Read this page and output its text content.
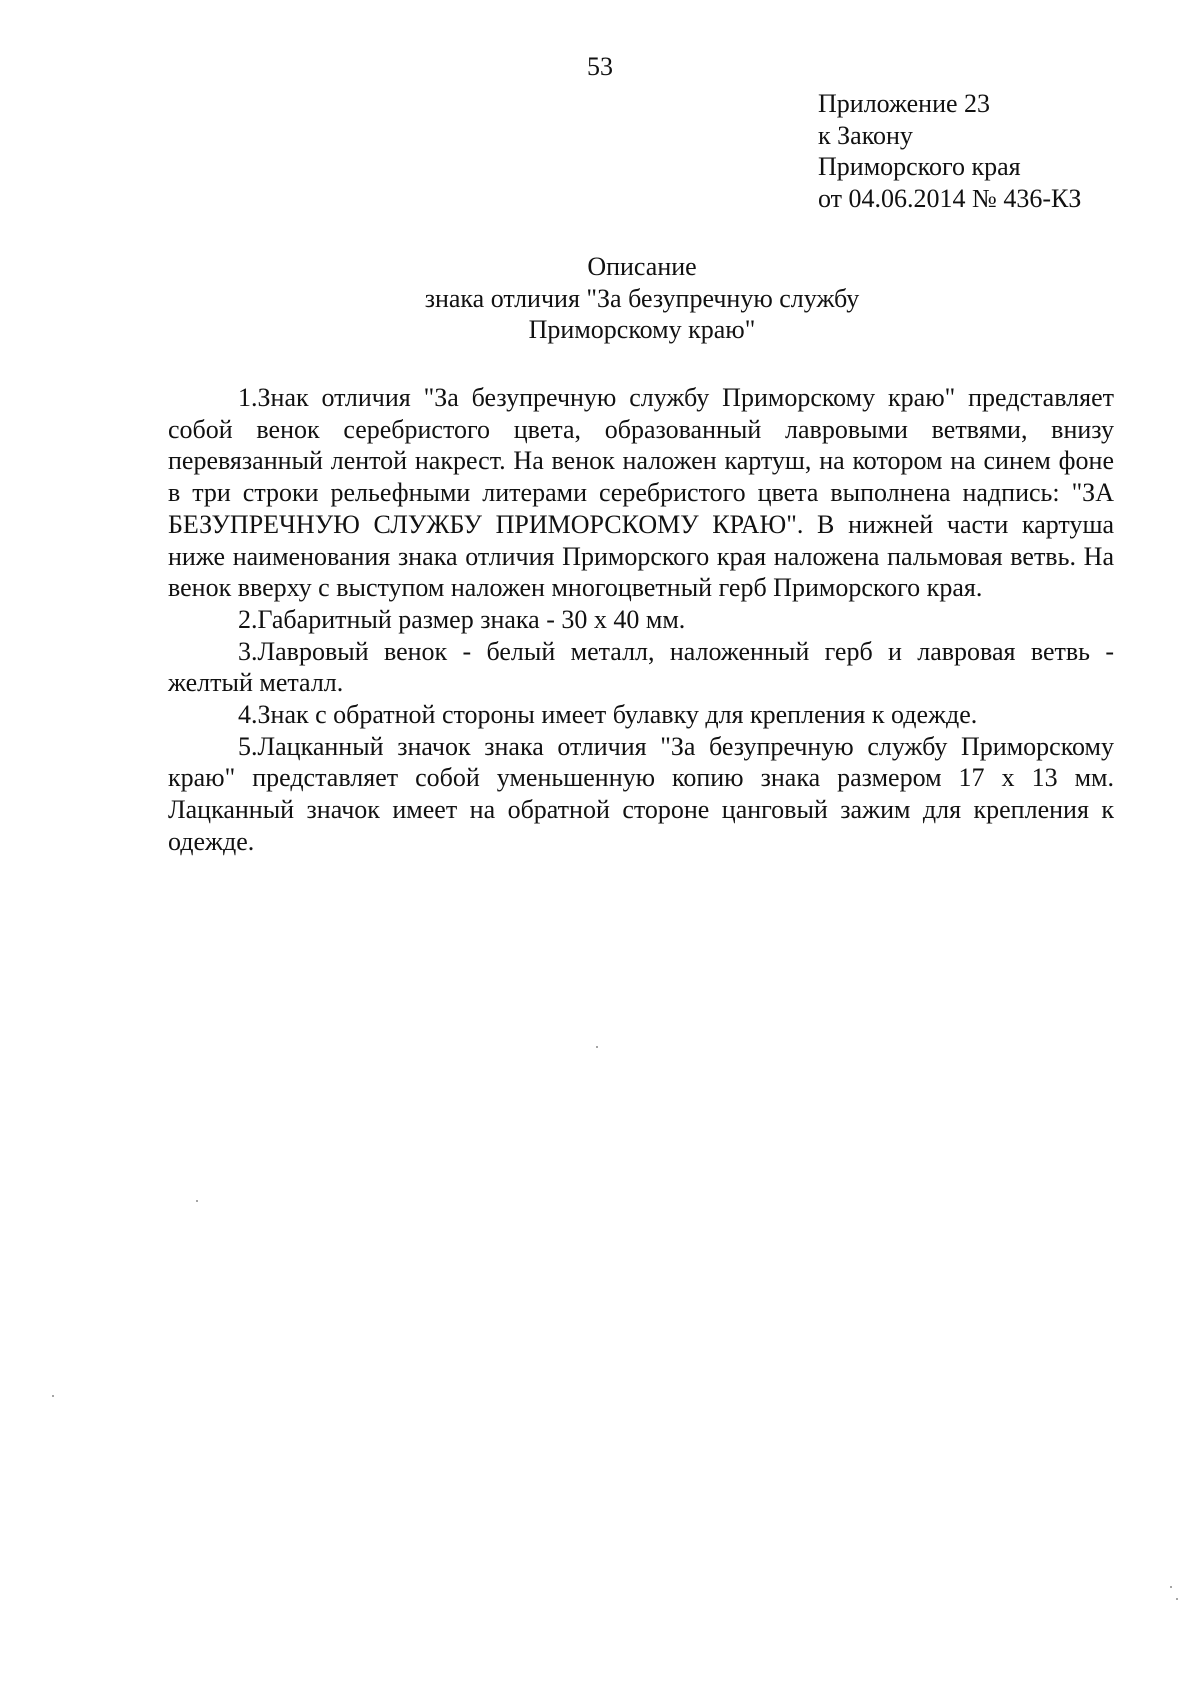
53
Приложение 23
к Закону
Приморского края
от 04.06.2014 № 436-КЗ
Описание
знака отличия "За безупречную службу
Приморскому краю"

1.Знак отличия "За безупречную службу Приморскому краю" представляет собой венок серебристого цвета, образованный лавровыми ветвями, внизу перевязанный лентой накрест. На венок наложен картуш, на котором на синем фоне в три строки рельефными литерами серебристого цвета выполнена надпись: "ЗА БЕЗУПРЕЧНУЮ СЛУЖБУ ПРИМОРСКОМУ КРАЮ". В нижней части картуша ниже наименования знака отличия Приморского края наложена пальмовая ветвь. На венок вверху с выступом наложен многоцветный герб Приморского края.

2.Габаритный размер знака - 30 х 40 мм.

3.Лавровый венок - белый металл, наложенный герб и лавровая ветвь - желтый металл.

4.Знак с обратной стороны имеет булавку для крепления к одежде.

5.Лацканный значок знака отличия "За безупречную службу Приморскому краю" представляет собой уменьшенную копию знака размером 17 х 13 мм. Лацканный значок имеет на обратной стороне цанговый зажим для крепления к одежде.
